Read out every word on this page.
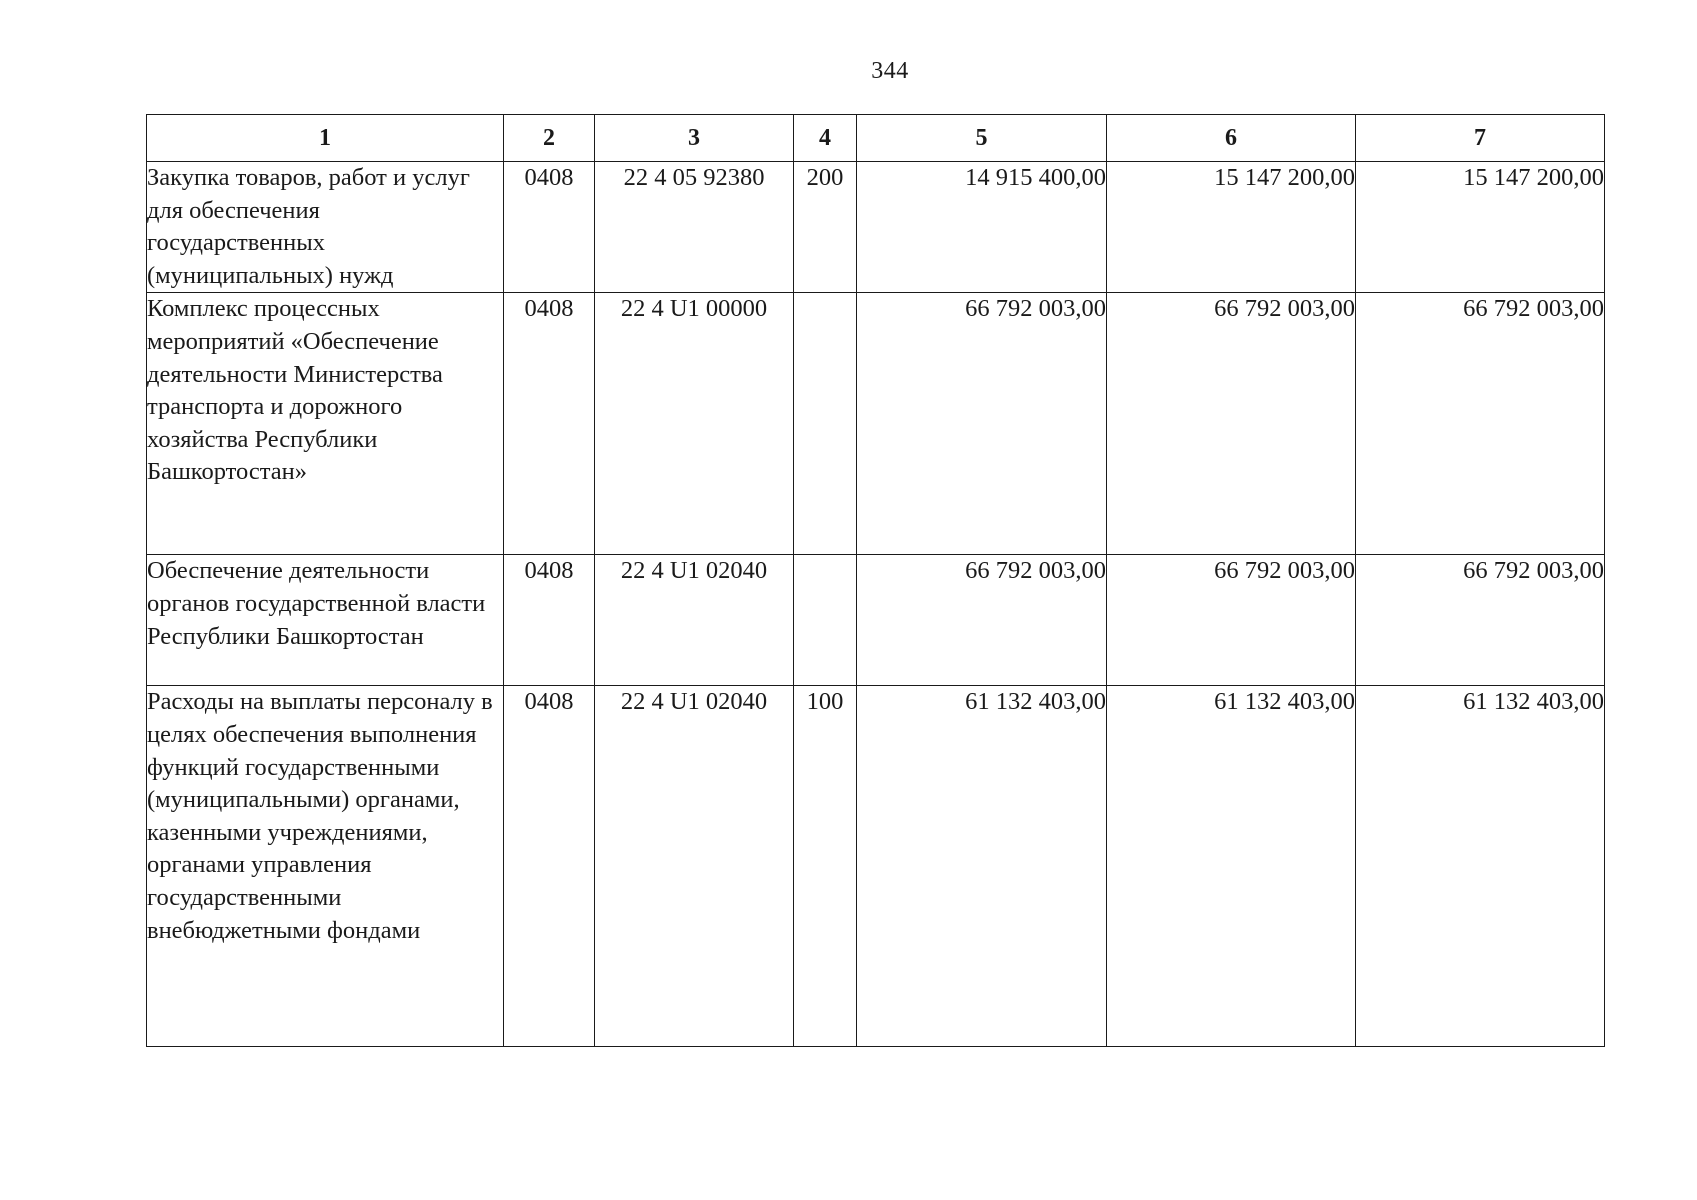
344
1	2	3	4	5	6	7
Закупка товаров, работ и услуг для обеспечения государственных (муниципальных) нужд	0408	22 4 05 92380	200	14 915 400,00	15 147 200,00	15 147 200,00
Комплекс процессных мероприятий «Обеспечение деятельности Министерства транспорта и дорожного хозяйства Республики Башкортостан»	0408	22 4 U1 00000		66 792 003,00	66 792 003,00	66 792 003,00
Обеспечение деятельности органов государственной власти Республики Башкортостан	0408	22 4 U1 02040		66 792 003,00	66 792 003,00	66 792 003,00
Расходы на выплаты персоналу в целях обеспечения выполнения функций государственными (муниципальными) органами, казенными учреждениями, органами управления государственными внебюджетными фондами	0408	22 4 U1 02040	100	61 132 403,00	61 132 403,00	61 132 403,00
